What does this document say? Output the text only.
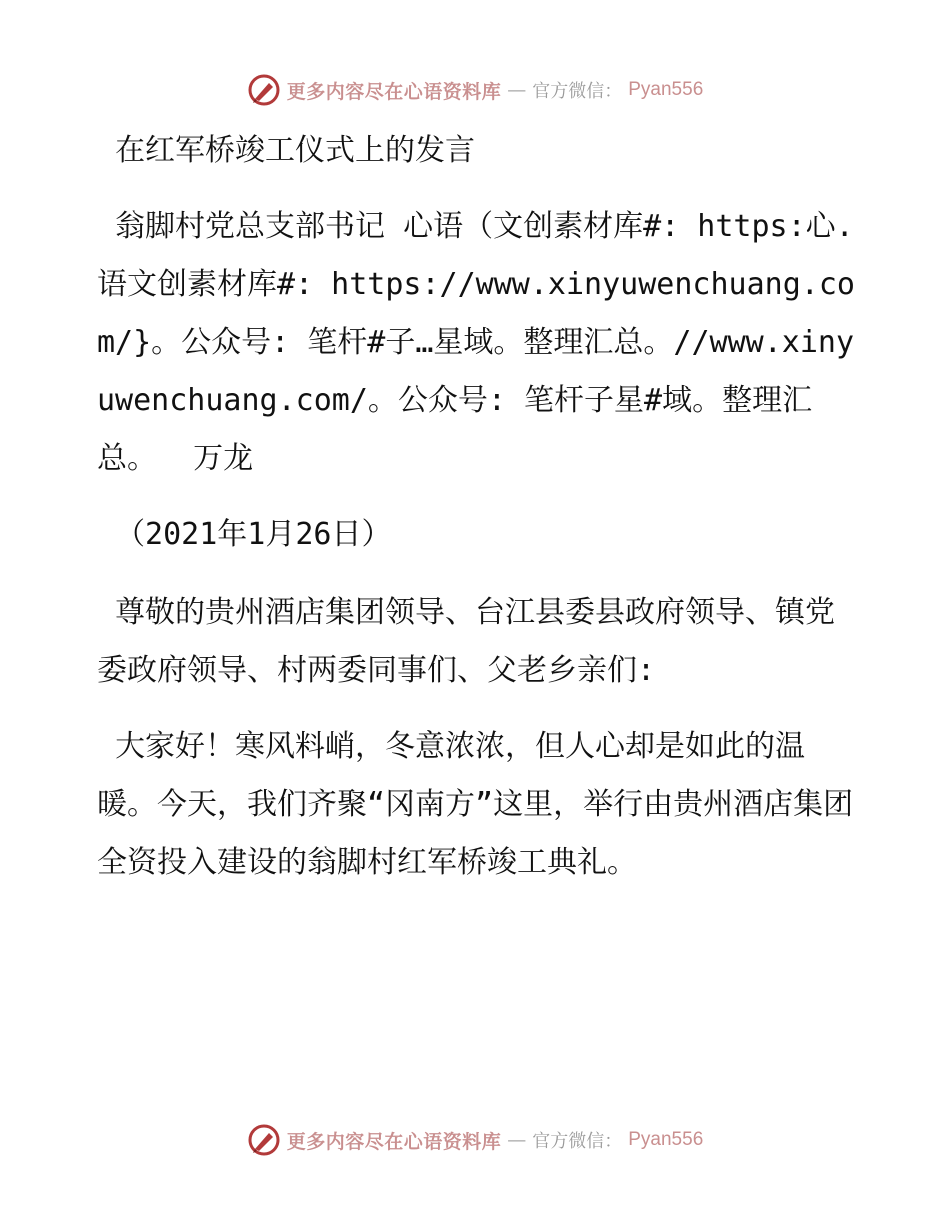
更多内容尽在心语资料库 — 官方微信： Pyan556

在红军桥竣工仪式上的发言

翁脚村党总支部书记 心语（文创素材库#: https:心.语文创素材库#: https://www.xinyuwenchuang.com/}。公众号: 笔杆#子…星域。整理汇总。//www.xinyuwenchuang.com/。公众号: 笔杆子星#域。整理汇总。  万龙

（2021年1月26日）

尊敬的贵州酒店集团领导、台江县委县政府领导、镇党委政府领导、村两委同事们、父老乡亲们:

大家好！寒风料峭，冬意浓浓，但人心却是如此的温暖。今天，我们齐聚“冈南方”这里，举行由贵州酒店集团全资投入建设的翁脚村红军桥竣工典礼。

更多内容尽在心语资料库 — 官方微信： Pyan556
